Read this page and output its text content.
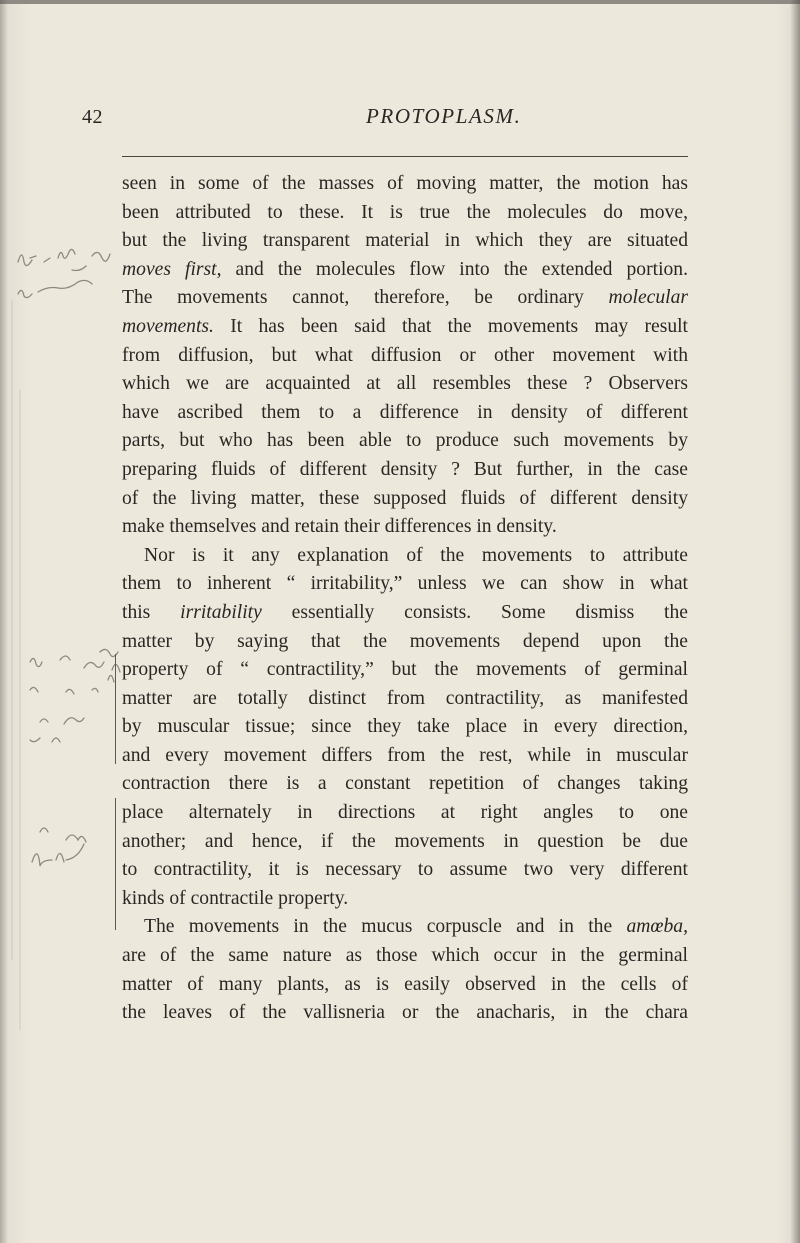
42	PROTOPLASM.
seen in some of the masses of moving matter, the motion has
been attributed to these. It is true the molecules do move,
but the living transparent material in which they are situated
moves first, and the molecules flow into the extended portion.
The movements cannot, therefore, be ordinary molecular
movements. It has been said that the movements may result
from diffusion, but what diffusion or other movement with
which we are acquainted at all resembles these ? Observers
have ascribed them to a difference in density of different
parts, but who has been able to produce such movements by
preparing fluids of different density ? But further, in the case
of the living matter, these supposed fluids of different density
make themselves and retain their differences in density.
Nor is it any explanation of the movements to attribute
them to inherent “ irritability,” unless we can show in what
this irritability essentially consists. Some dismiss the
matter by saying that the movements depend upon the
property of “ contractility,” but the movements of germinal
matter are totally distinct from contractility, as manifested
by muscular tissue; since they take place in every direction,
and every movement differs from the rest, while in muscular
contraction there is a constant repetition of changes taking
place alternately in directions at right angles to one
another; and hence, if the movements in question be due
to contractility, it is necessary to assume two very different
kinds of contractile property.
The movements in the mucus corpuscle and in the amœba,
are of the same nature as those which occur in the germinal
matter of many plants, as is easily observed in the cells of
the leaves of the vallisneria or the anacharis, in the chara
